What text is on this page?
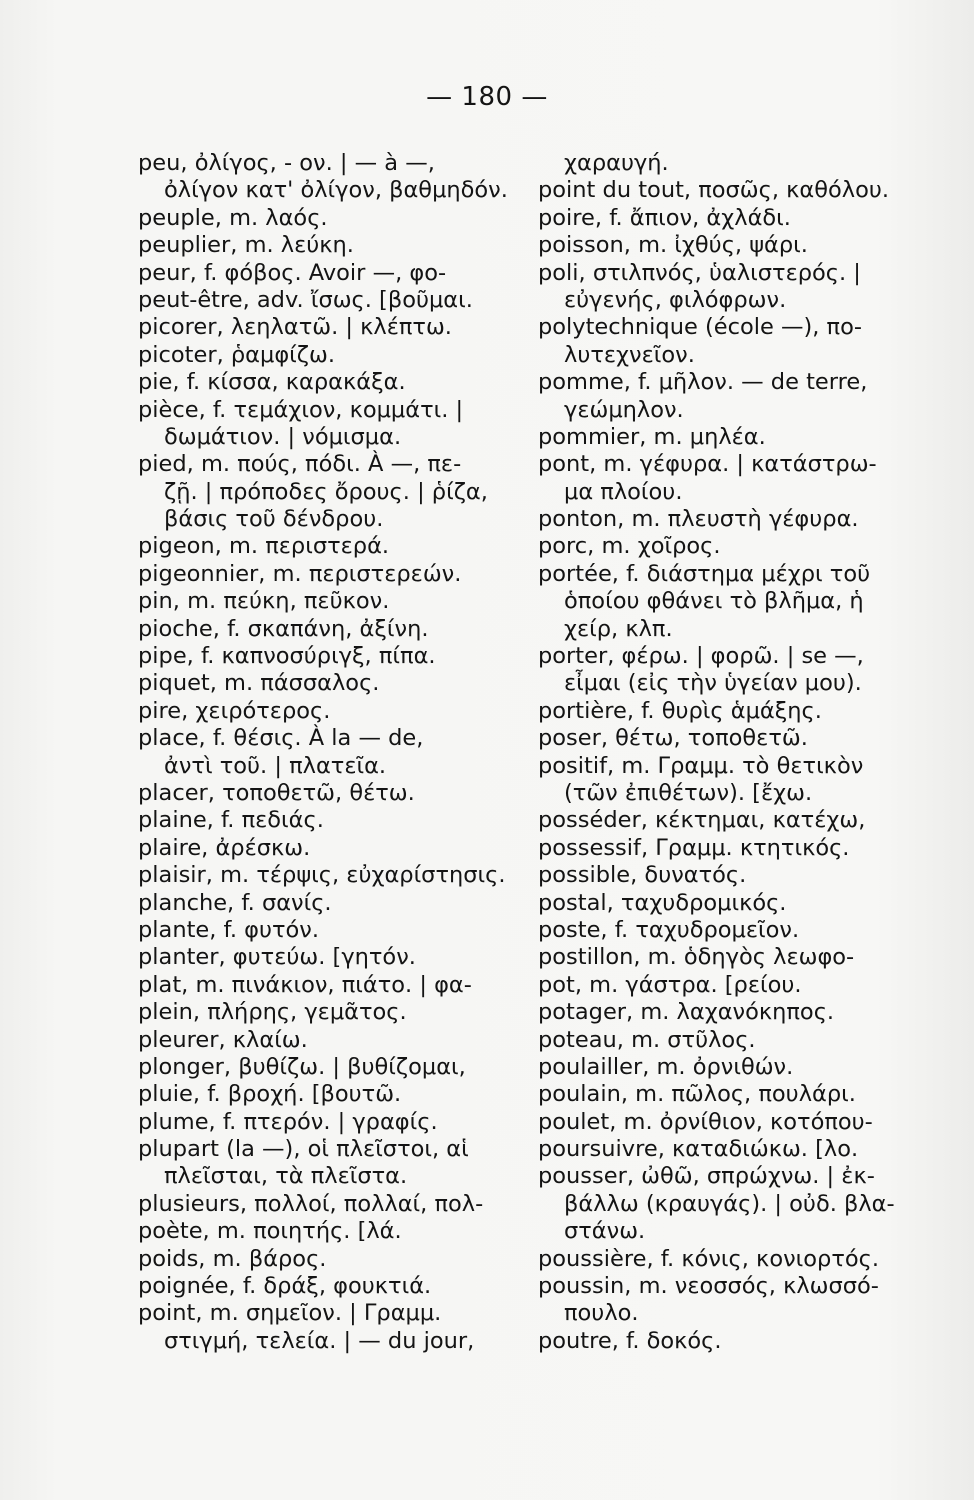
— 180 —
peu, ὀλίγος, - ον. | — à —,
ὀλίγον κατ' ὀλίγον, βαθμηδόν.
peuple, m. λαός.
peuplier, m. λεύκη.
peur, f. φόβος. Avoir —, φο-
peut-être, adv. ἴσως. [βοῦμαι.
picorer, λεηλατῶ. | κλέπτω.
picoter, ῥαμφίζω.
pie, f. κίσσα, καρακάξα.
pièce, f. τεμάχιον, κομμάτι. |
δωμάτιον. | νόμισμα.
pied, m. πούς, πόδι. À —, πε-
ζῇ. | πρόποδες ὄρους. | ῥίζα,
βάσις τοῦ δένδρου.
pigeon, m. περιστερά.
pigeonnier, m. περιστερεών.
pin, m. πεύκη, πεῦκον.
pioche, f. σκαπάνη, ἀξίνη.
pipe, f. καπνοσύριγξ, πίπα.
piquet, m. πάσσαλος.
pire, χειρότερος.
place, f. θέσις. À la — de,
ἀντὶ τοῦ. | πλατεῖα.
placer, τοποθετῶ, θέτω.
plaine, f. πεδιάς.
plaire, ἀρέσκω.
plaisir, m. τέρψις, εὐχαρίστησις.
planche, f. σανίς.
plante, f. φυτόν.
planter, φυτεύω. [γητόν.
plat, m. πινάκιον, πιάτο. | φα-
plein, πλήρης, γεμᾶτος.
pleurer, κλαίω.
plonger, βυθίζω. | βυθίζομαι,
pluie, f. βροχή. [βουτῶ.
plume, f. πτερόν. | γραφίς.
plupart (la —), οἱ πλεῖστοι, αἱ
πλεῖσται, τὰ πλεῖστα.
plusieurs, πολλοί, πολλαί, πολ-
poète, m. ποιητής. [λά.
poids, m. βάρος.
poignée, f. δράξ, φουκτιά.
point, m. σημεῖον. | Γραμμ.
στιγμή, τελεία. | — du jour,
χαραυγή.
point du tout, ποσῶς, καθόλου.
poire, f. ἄπιον, ἀχλάδι.
poisson, m. ἰχθύς, ψάρι.
poli, στιλπνός, ὑαλιστερός. |
εὐγενής, φιλόφρων.
polytechnique (école —), πο-
λυτεχνεῖον.
pomme, f. μῆλον. — de terre,
γεώμηλον.
pommier, m. μηλέα.
pont, m. γέφυρα. | κατάστρω-
μα πλοίου.
ponton, m. πλευστὴ γέφυρα.
porc, m. χοῖρος.
portée, f. διάστημα μέχρι τοῦ
ὁποίου φθάνει τὸ βλῆμα, ἡ
χείρ, κλπ.
porter, φέρω. | φορῶ. | se —,
εἶμαι (εἰς τὴν ὑγείαν μου).
portière, f. θυρὶς ἁμάξης.
poser, θέτω, τοποθετῶ.
positif, m. Γραμμ. τὸ θετικὸν
(τῶν ἐπιθέτων). [ἔχω.
posséder, κέκτημαι, κατέχω,
possessif, Γραμμ. κτητικός.
possible, δυνατός.
postal, ταχυδρομικός.
poste, f. ταχυδρομεῖον.
postillon, m. ὁδηγὸς λεωφο-
pot, m. γάστρα. [ρείου.
potager, m. λαχανόκηπος.
poteau, m. στῦλος.
poulailler, m. ὀρνιθών.
poulain, m. πῶλος, πουλάρι.
poulet, m. ὀρνίθιον, κοτόπου-
poursuivre, καταδιώκω. [λο.
pousser, ὠθῶ, σπρώχνω. | ἐκ-
βάλλω (κραυγάς). | οὐδ. βλα-
στάνω.
poussière, f. κόνις, κονιορτός.
poussin, m. νεοσσός, κλωσσό-
πουλο.
poutre, f. δοκός.
